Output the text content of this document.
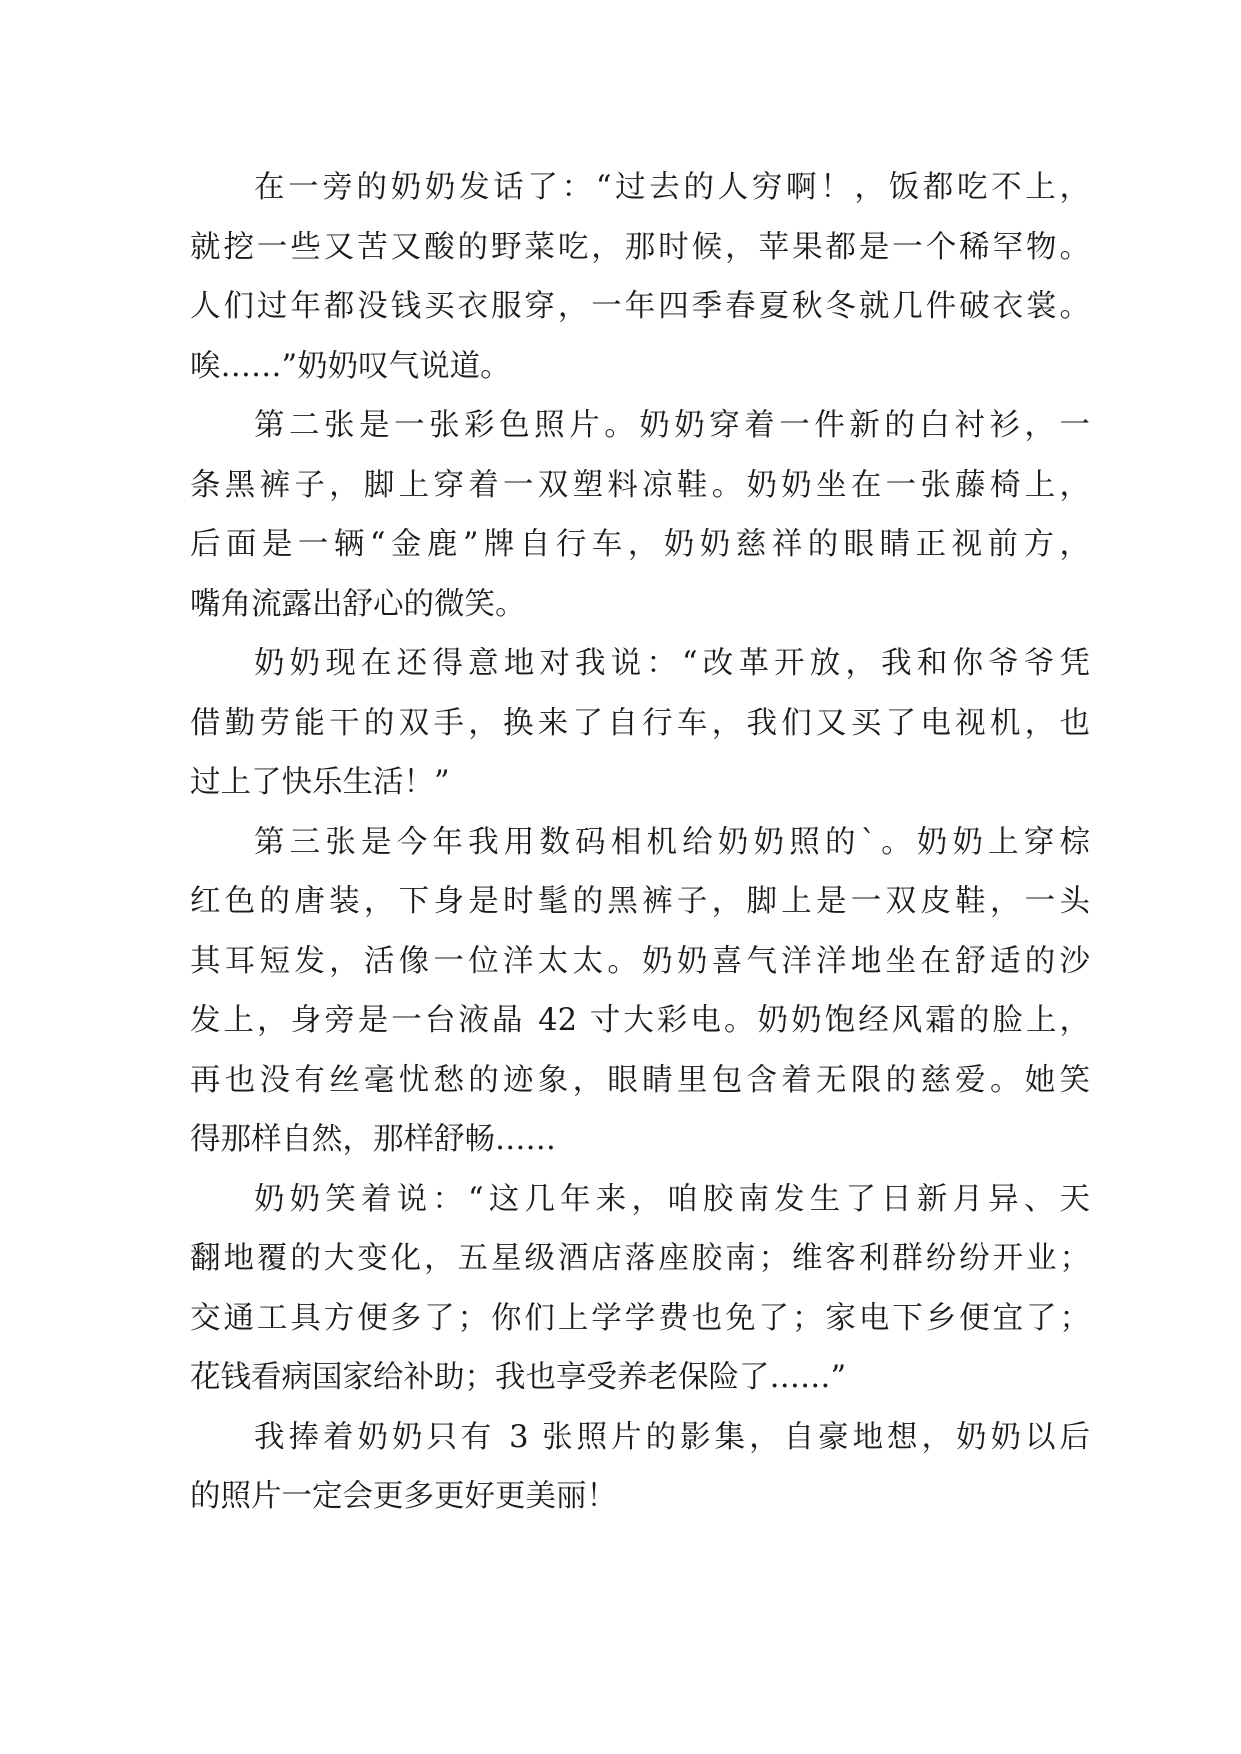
在一旁的奶奶发话了：“过去的人穷啊！，饭都吃不上，
就挖一些又苦又酸的野菜吃，那时候，苹果都是一个稀罕物。
人们过年都没钱买衣服穿，一年四季春夏秋冬就几件破衣裳。
唉……”奶奶叹气说道。
第二张是一张彩色照片。奶奶穿着一件新的白衬衫，一
条黑裤子，脚上穿着一双塑料凉鞋。奶奶坐在一张藤椅上，
后面是一辆“金鹿”牌自行车，奶奶慈祥的眼睛正视前方，
嘴角流露出舒心的微笑。
奶奶现在还得意地对我说：“改革开放，我和你爷爷凭
借勤劳能干的双手，换来了自行车，我们又买了电视机，也
过上了快乐生活！”
第三张是今年我用数码相机给奶奶照的`。奶奶上穿棕
红色的唐装，下身是时髦的黑裤子，脚上是一双皮鞋，一头
其耳短发，活像一位洋太太。奶奶喜气洋洋地坐在舒适的沙
发上，身旁是一台液晶 42 寸大彩电。奶奶饱经风霜的脸上，
再也没有丝毫忧愁的迹象，眼睛里包含着无限的慈爱。她笑
得那样自然，那样舒畅……
奶奶笑着说：“这几年来，咱胶南发生了日新月异、天
翻地覆的大变化，五星级酒店落座胶南；维客利群纷纷开业；
交通工具方便多了；你们上学学费也免了；家电下乡便宜了；
花钱看病国家给补助；我也享受养老保险了……”
我捧着奶奶只有 3 张照片的影集，自豪地想，奶奶以后
的照片一定会更多更好更美丽！
